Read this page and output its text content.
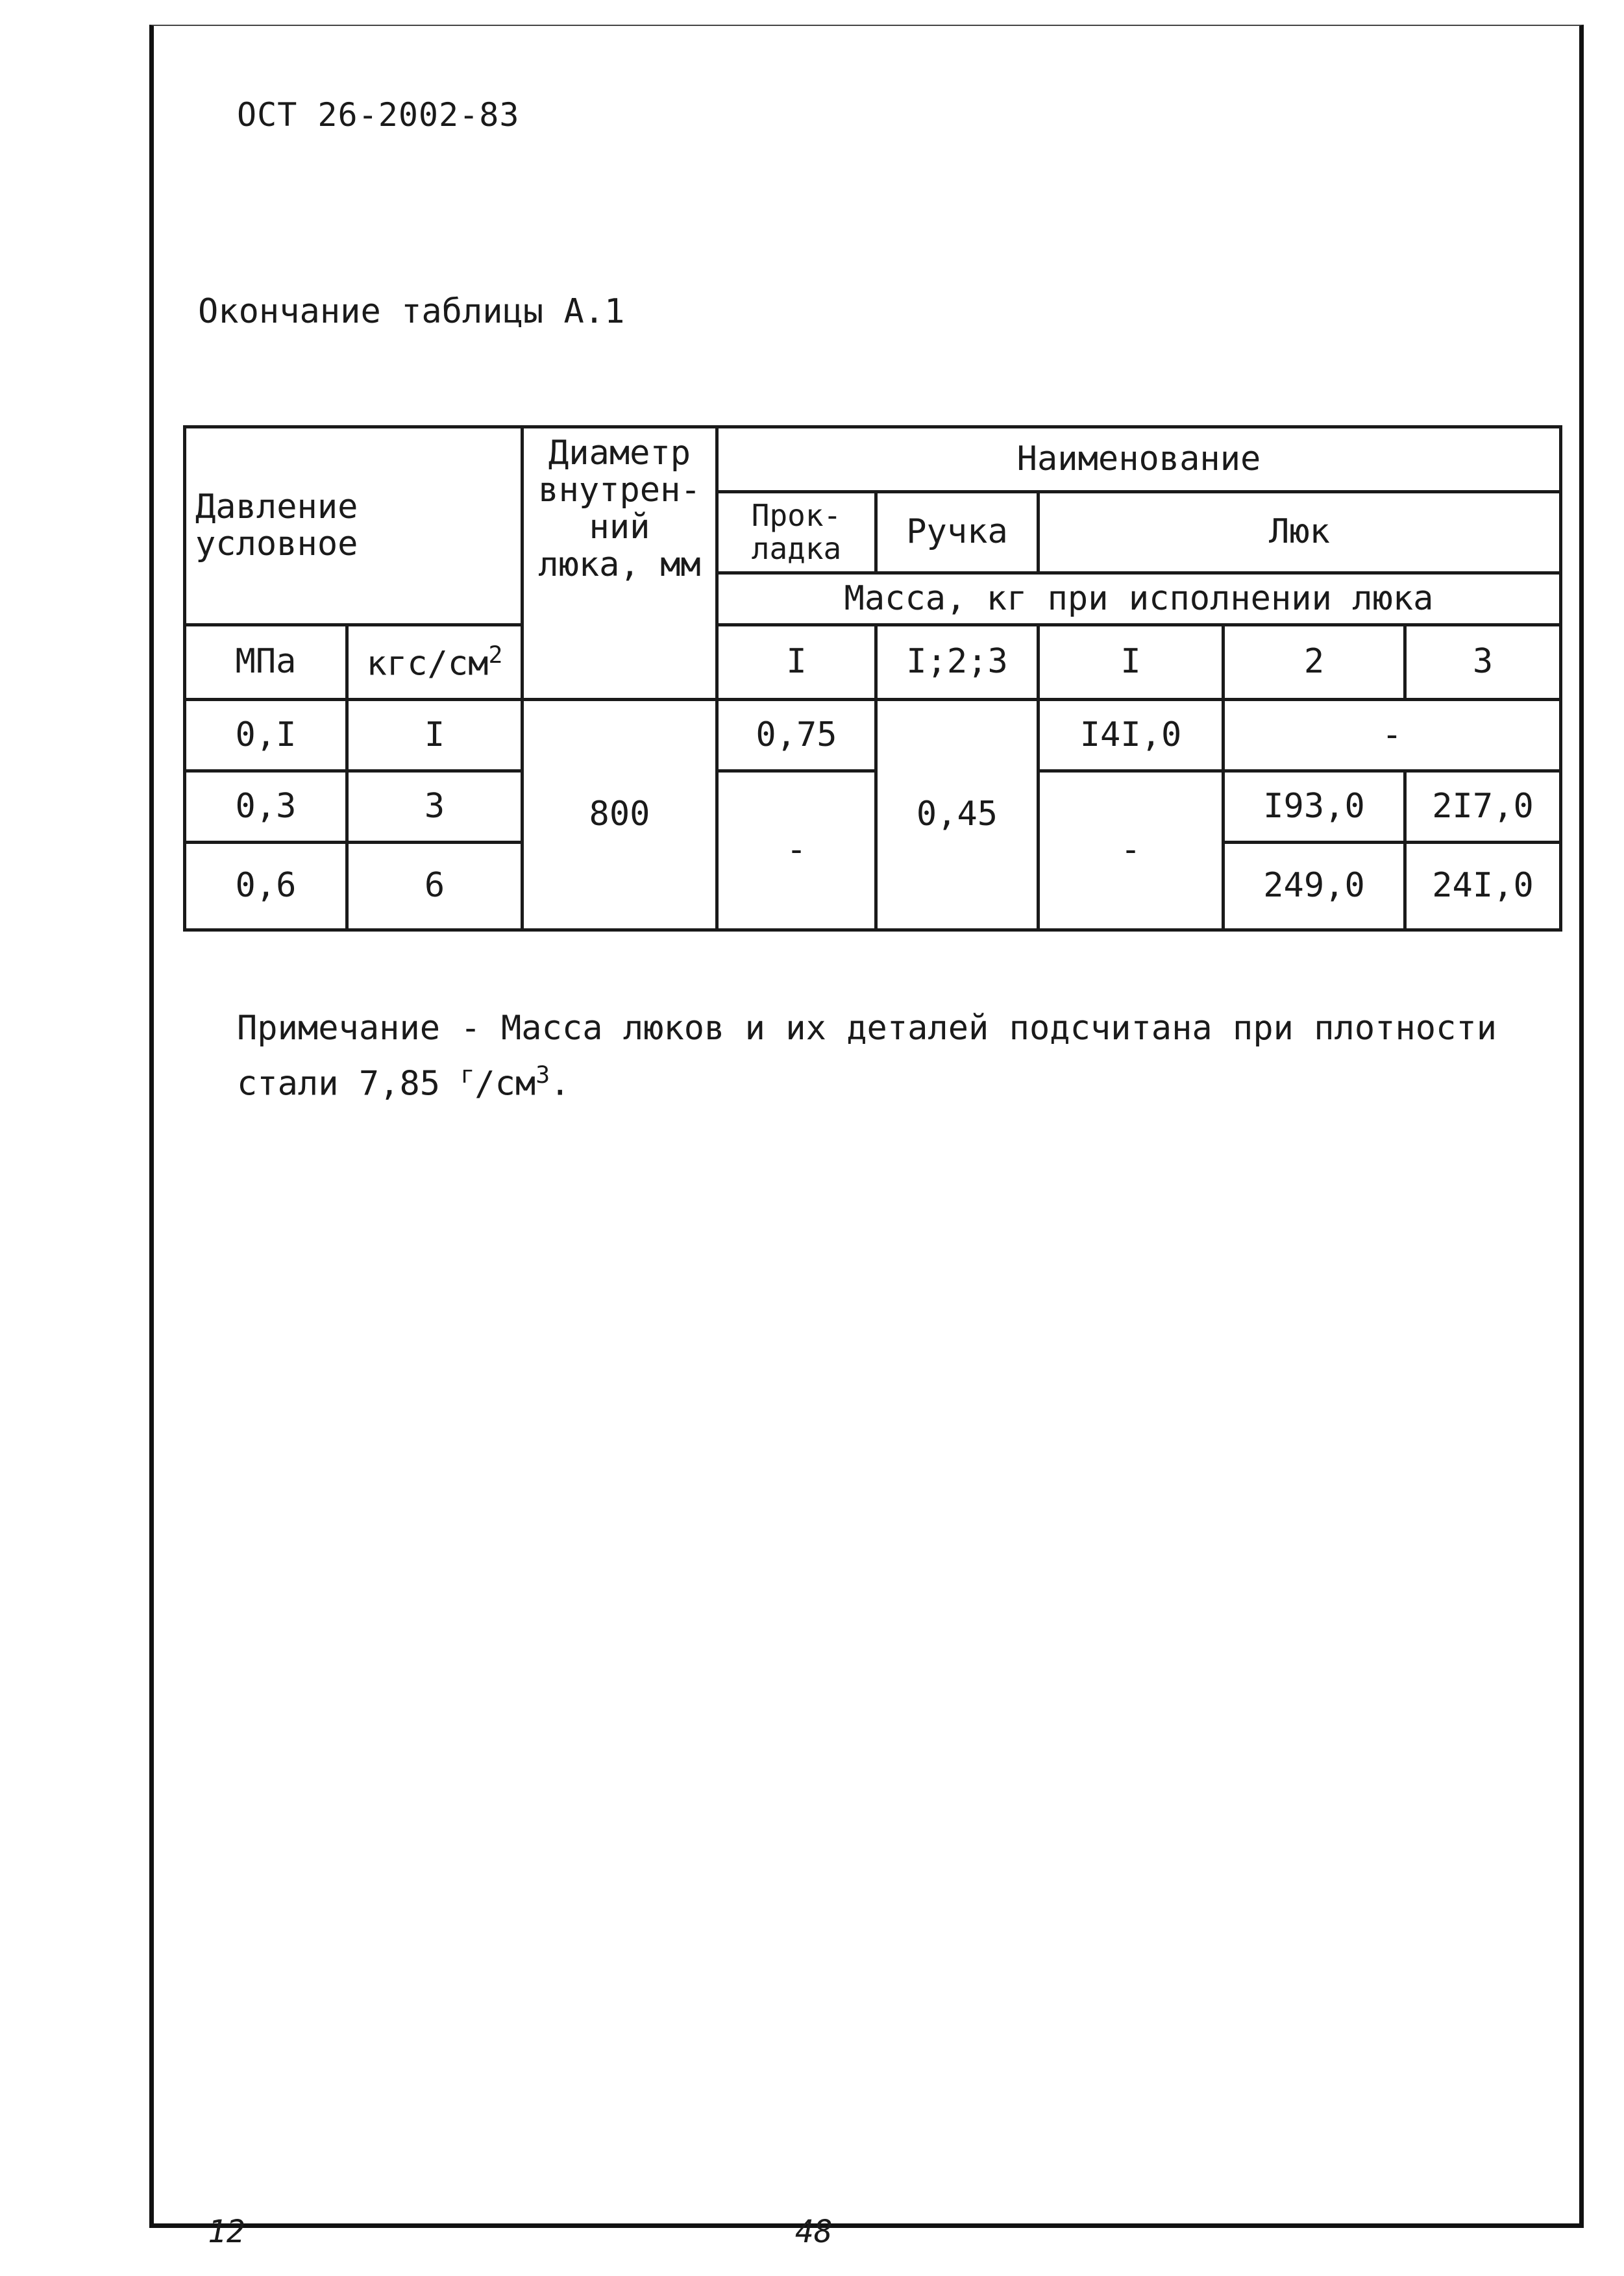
ОСТ 26-2002-83
Окончание таблицы А.1
Давление условное		Диаметр внутрен-ний люка, мм	Наименование				
			Прок-ладка	Ручка	Люк		
			Масса, кг при исполнении люка				
МПа	кгс/$см^2$		I	I;2;3	I	2	3
0,I	I	800	0,75	0,45	I4I,0	-	
0,3	3		-		-	I93,0	2I7,0
0,6	6					249,0	24I,0
Примечание - Масса люков и их деталей подсчитана при плотности стали 7,85 $^г/см^3$.
12	48
